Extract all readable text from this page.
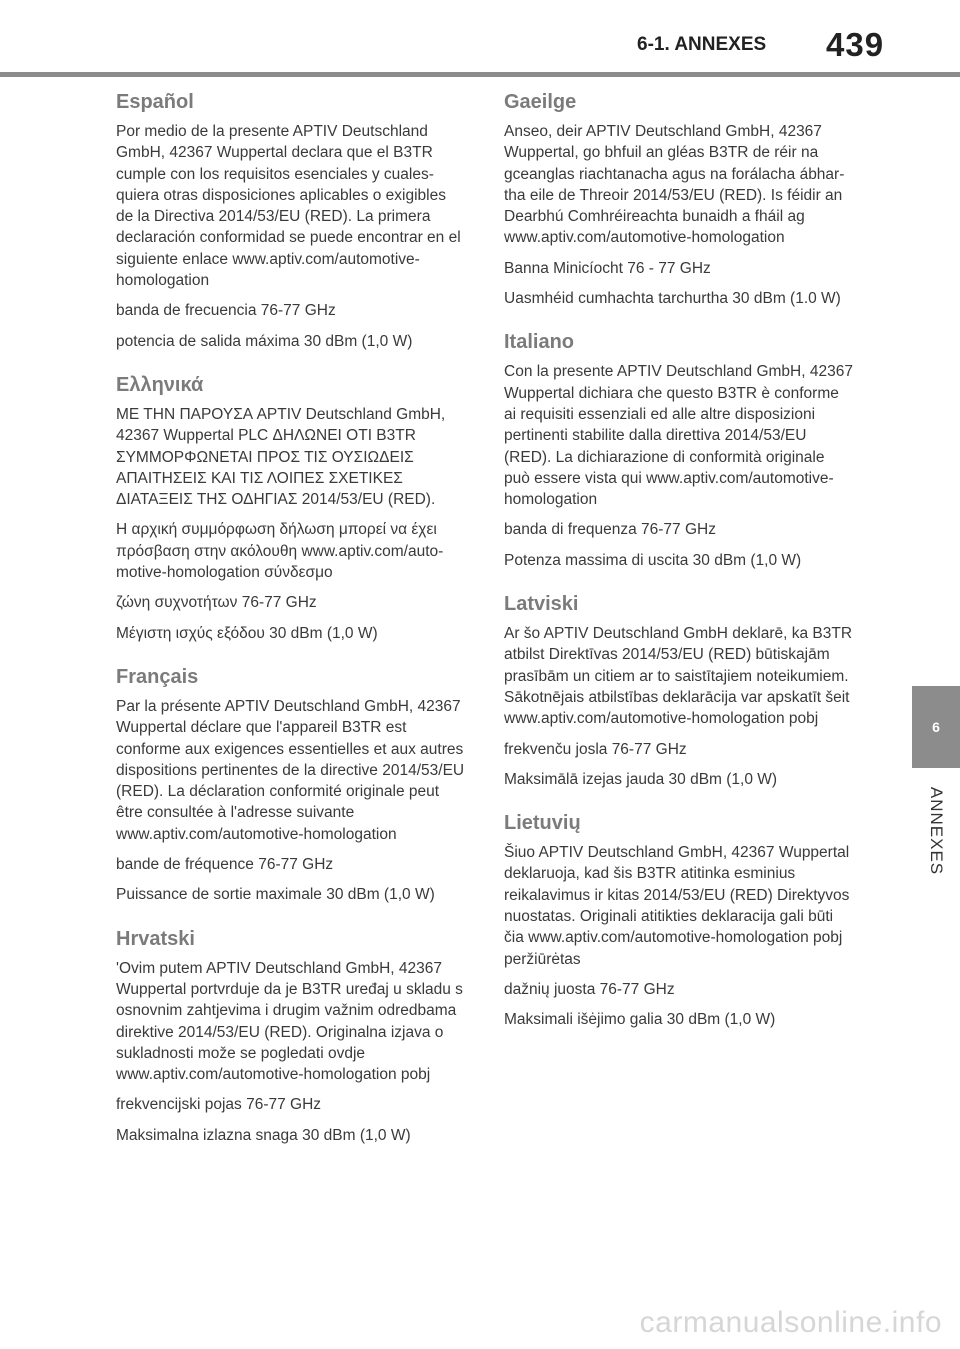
6-1. ANNEXES 439
Español

Por medio de la presente APTIV Deutschland GmbH, 42367 Wuppertal declara que el B3TR cumple con los requisitos esenciales y cualesquiera otras disposiciones aplicables o exigibles de la Directiva 2014/53/EU (RED). La primera declaración conformidad se puede encontrar en el siguiente enlace www.aptiv.com/automotive-homologation

banda de frecuencia 76-77 GHz

potencia de salida máxima 30 dBm (1,0 W)

Ελληνικά

ΜΕ ΤΗΝ ΠΑΡΟΥΣΑ APTIV Deutschland GmbH, 42367 Wuppertal PLC ΔΗΛΩΝΕΙ ΟΤΙ B3TR ΣΥΜΜΟΡΦΩΝΕΤΑΙ ΠΡΟΣ ΤΙΣ ΟΥΣΙΩΔΕΙΣ ΑΠΑΙΤΗΣΕΙΣ ΚΑΙ ΤΙΣ ΛΟΙΠΕΣ ΣΧΕΤΙΚΕΣ ΔΙΑΤΑΞΕΙΣ ΤΗΣ ΟΔΗΓΙΑΣ 2014/53/EU (RED).

Η αρχική συμμόρφωση δήλωση μπορεί να έχει πρόσβαση στην ακόλουθη www.aptiv.com/automotive-homologation σύνδεσμο

ζώνη συχνοτήτων 76-77 GHz

Μέγιστη ισχύς εξόδου 30 dBm (1,0 W)

Français

Par la présente APTIV Deutschland GmbH, 42367 Wuppertal déclare que l'appareil B3TR est conforme aux exigences essentielles et aux autres dispositions pertinentes de la directive 2014/53/EU (RED). La déclaration conformité originale peut être consultée à l'adresse suivante www.aptiv.com/automotive-homologation

bande de fréquence 76-77 GHz

Puissance de sortie maximale 30 dBm (1,0 W)

Hrvatski

'Ovim putem APTIV Deutschland GmbH, 42367 Wuppertal portvrduje da je B3TR uređaj u skladu s osnovnim zahtjevima i drugim važnim odredbama direktive 2014/53/EU (RED). Originalna izjava o sukladnosti može se pogledati ovdje www.aptiv.com/automotive-homologation pobj

frekvencijski pojas 76-77 GHz

Maksimalna izlazna snaga 30 dBm (1,0 W)

Gaeilge

Anseo, deir APTIV Deutschland GmbH, 42367 Wuppertal, go bhfuil an gléas B3TR de réir na gceanglas riachtanacha agus na forálacha ábhartha eile de Threoir 2014/53/EU (RED). Is féidir an Dearbhú Comhréireachta bunaidh a fháil ag www.aptiv.com/automotive-homologation

Banna Minicíocht 76 - 77 GHz

Uasmhéid cumhachta tarchurtha 30 dBm (1.0 W)

Italiano

Con la presente APTIV Deutschland GmbH, 42367 Wuppertal dichiara che questo B3TR è conforme ai requisiti essenziali ed alle altre disposizioni pertinenti stabilite dalla direttiva 2014/53/EU (RED). La dichiarazione di conformità originale può essere vista qui www.aptiv.com/automotive-homologation

banda di frequenza 76-77 GHz

Potenza massima di uscita 30 dBm (1,0 W)

Latviski

Ar šo APTIV Deutschland GmbH deklarē, ka B3TR atbilst Direktīvas 2014/53/EU (RED) būtiskajām prasībām un citiem ar to saistītajiem noteikumiem. Sākotnējais atbilstības deklarācija var apskatīt šeit www.aptiv.com/automotive-homologation pobj

frekvenču josla 76-77 GHz

Maksimālā izejas jauda 30 dBm (1,0 W)

Lietuvių

Šiuo APTIV Deutschland GmbH, 42367 Wuppertal deklaruoja, kad šis B3TR atitinka esminius reikalavimus ir kitas 2014/53/EU (RED) Direktyvos nuostatas. Originali atitikties deklaracija gali būti čia www.aptiv.com/automotive-homologation pobj peržiūrėtas

dažnių juosta 76-77 GHz

Maksimali išėjimo galia 30 dBm (1,0 W)

6
ANNEXES
carmanualsonline.info
